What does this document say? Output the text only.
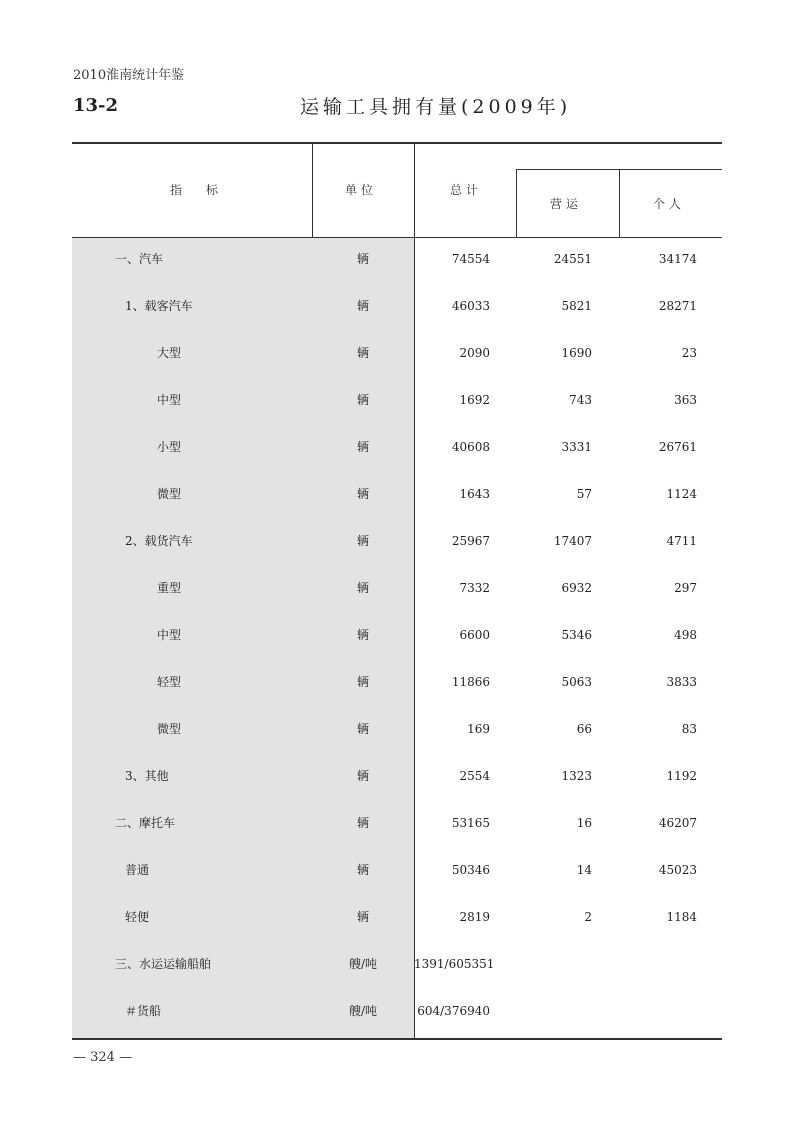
2010淮南统计年鉴
13-2	运输工具拥有量(2009年)
指　　标	单 位	总 计
营 运	个 人
一、汽车	辆	74554	24551	34174
1、载客汽车	辆	46033	5821	28271
大型	辆	2090	1690	23
中型	辆	1692	743	363
小型	辆	40608	3331	26761
微型	辆	1643	57	1124
2、载货汽车	辆	25967	17407	4711
重型	辆	7332	6932	297
中型	辆	6600	5346	498
轻型	辆	11866	5063	3833
微型	辆	169	66	83
3、其他	辆	2554	1323	1192
二、摩托车	辆	53165	16	46207
普通	辆	50346	14	45023
轻便	辆	2819	2	1184
三、水运运输船舶	艘/吨	1391/605351
＃货船	艘/吨	604/376940
— 324 —
